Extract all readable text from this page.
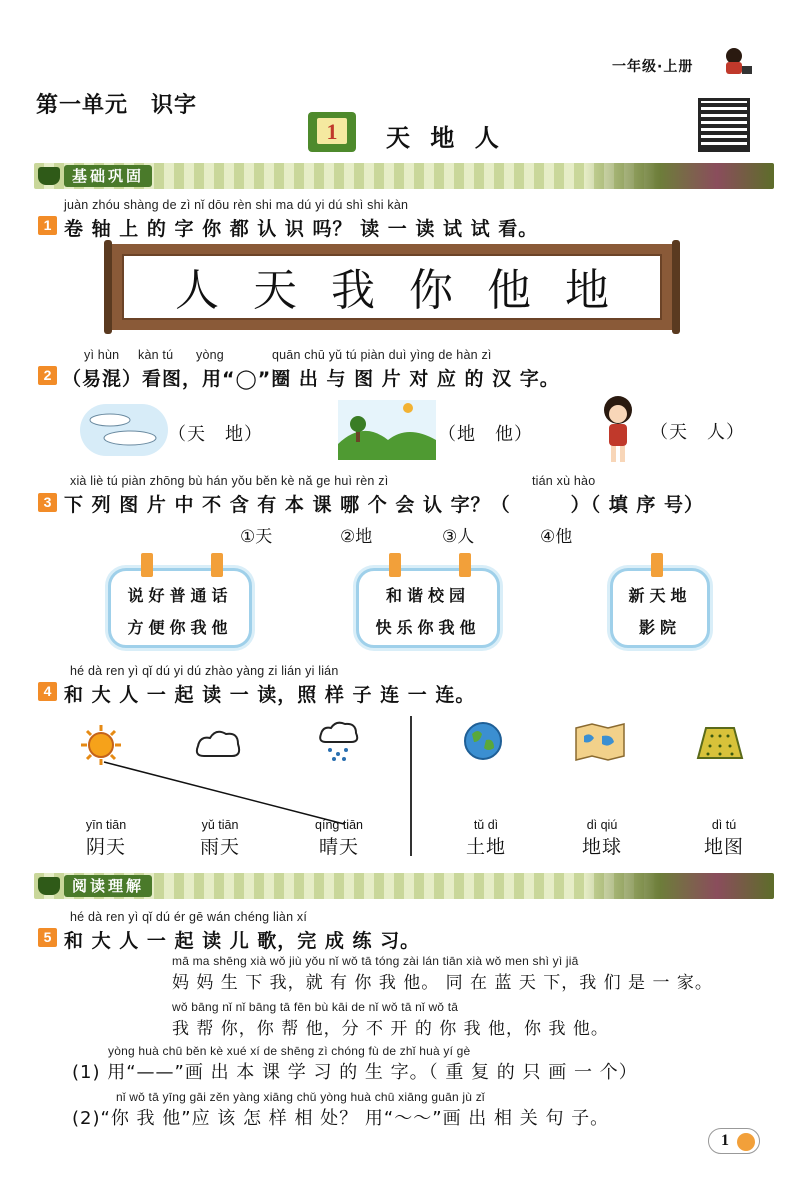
一年级·上册
第一单元　识字
1	天 地 人
基础巩固
juàn zhóu shàng de zì nǐ dōu rèn shi ma dú yi dú shì shi kàn
1 卷 轴 上 的 字 你 都 认 识 吗？ 读 一 读 试 试 看。
人天我你他地
yì hùn kàn tú yòng	quān chū yǔ tú piàn duì yìng de hàn zì
2 （易混）看图，用“◯”圈 出 与 图 片 对 应 的 汉 字。
（天　地）	（地　他）	（天　人）
xià liè tú piàn zhōng bù hán yǒu běn kè nǎ ge huì rèn zì	tián xù hào
3 下 列 图 片 中 不 含 有 本 课 哪 个 会 认 字？（　　　）（ 填 序 号）
①天	②地	③人	④他
说好普通话
方便你我他
和谐校园
快乐你我他
新天地
影院
hé dà ren yì qǐ dú yi dú zhào yàng zi lián yi lián
4 和 大 人 一 起 读 一 读，照 样 子 连 一 连。
yīn tiān
阴天
yǔ tiān
雨天
qíng tiān
晴天
tǔ dì
土地
dì qiú
地球
dì tú
地图
阅读理解
hé dà ren yì qǐ dú ér gē wán chéng liàn xí
5 和 大 人 一 起 读 儿 歌，完 成 练 习。
mā ma shēng xià wǒ jiù yǒu nǐ wǒ tā tóng zài lán tiān xià wǒ men shì yì jiā
妈 妈 生 下 我，就 有 你 我 他。 同 在 蓝 天 下，我 们 是 一 家。
wǒ bāng nǐ nǐ bāng tā fēn bù kāi de nǐ wǒ tā nǐ wǒ tā
我 帮 你，你 帮 他，分 不 开 的 你 我 他，你 我 他。
yòng huà chū běn kè xué xí de shēng zì chóng fù de zhǐ huà yí gè
(1) 用“——”画 出 本 课 学 习 的 生 字。（ 重 复 的 只 画 一 个）
nǐ wǒ tā yīng gāi zěn yàng xiāng chǔ yòng huà chū xiāng guān jù zǐ
(2)“你 我 他”应 该 怎 样 相 处？ 用“〜〜”画 出 相 关 句 子。
1
